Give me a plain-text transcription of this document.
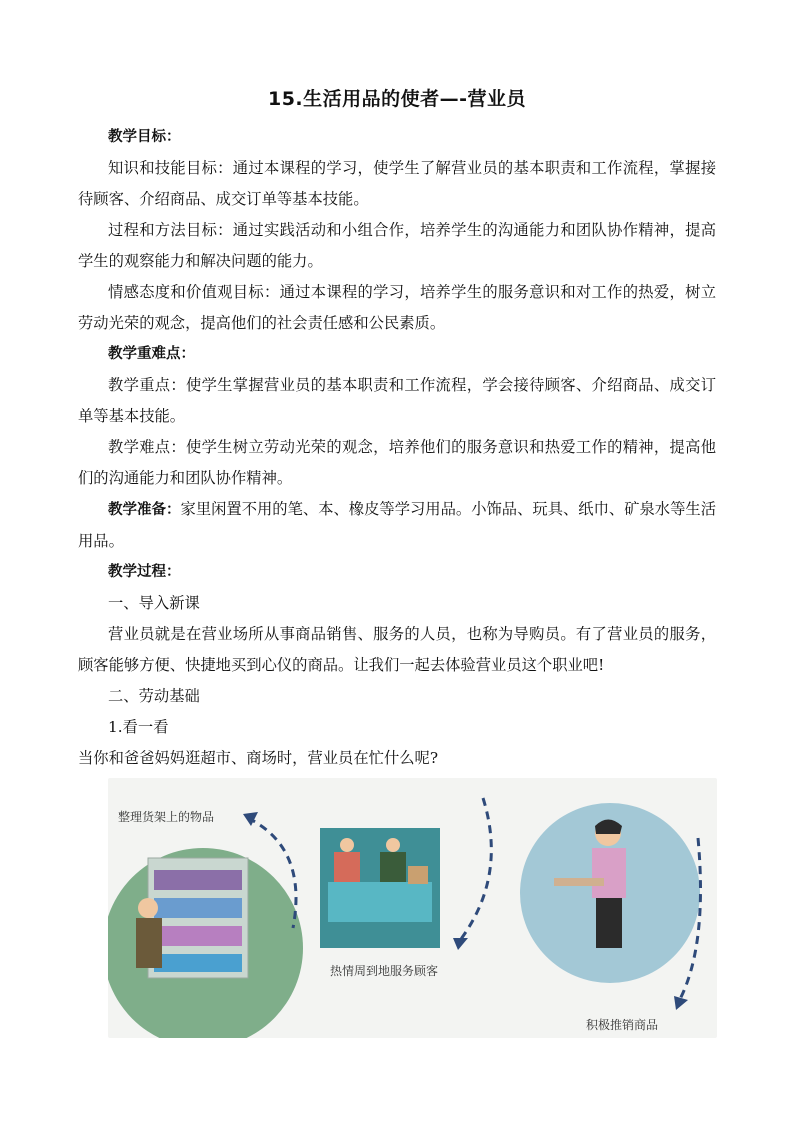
15.生活用品的使者—-营业员

教学目标：

知识和技能目标：通过本课程的学习，使学生了解营业员的基本职责和工作流程，掌握接待顾客、介绍商品、成交订单等基本技能。

过程和方法目标：通过实践活动和小组合作，培养学生的沟通能力和团队协作精神，提高学生的观察能力和解决问题的能力。

情感态度和价值观目标：通过本课程的学习，培养学生的服务意识和对工作的热爱，树立劳动光荣的观念，提高他们的社会责任感和公民素质。

教学重难点：

教学重点：使学生掌握营业员的基本职责和工作流程，学会接待顾客、介绍商品、成交订单等基本技能。

教学难点：使学生树立劳动光荣的观念，培养他们的服务意识和热爱工作的精神，提高他们的沟通能力和团队协作精神。

教学准备：家里闲置不用的笔、本、橡皮等学习用品。小饰品、玩具、纸巾、矿泉水等生活用品。

教学过程：

一、导入新课

营业员就是在营业场所从事商品销售、服务的人员，也称为导购员。有了营业员的服务，顾客能够方便、快捷地买到心仪的商品。让我们一起去体验营业员这个职业吧!

二、劳动基础

1.看一看

当你和爸爸妈妈逛超市、商场时，营业员在忙什么呢?

整理货架上的物品
热情周到地服务顾客
积极推销商品
